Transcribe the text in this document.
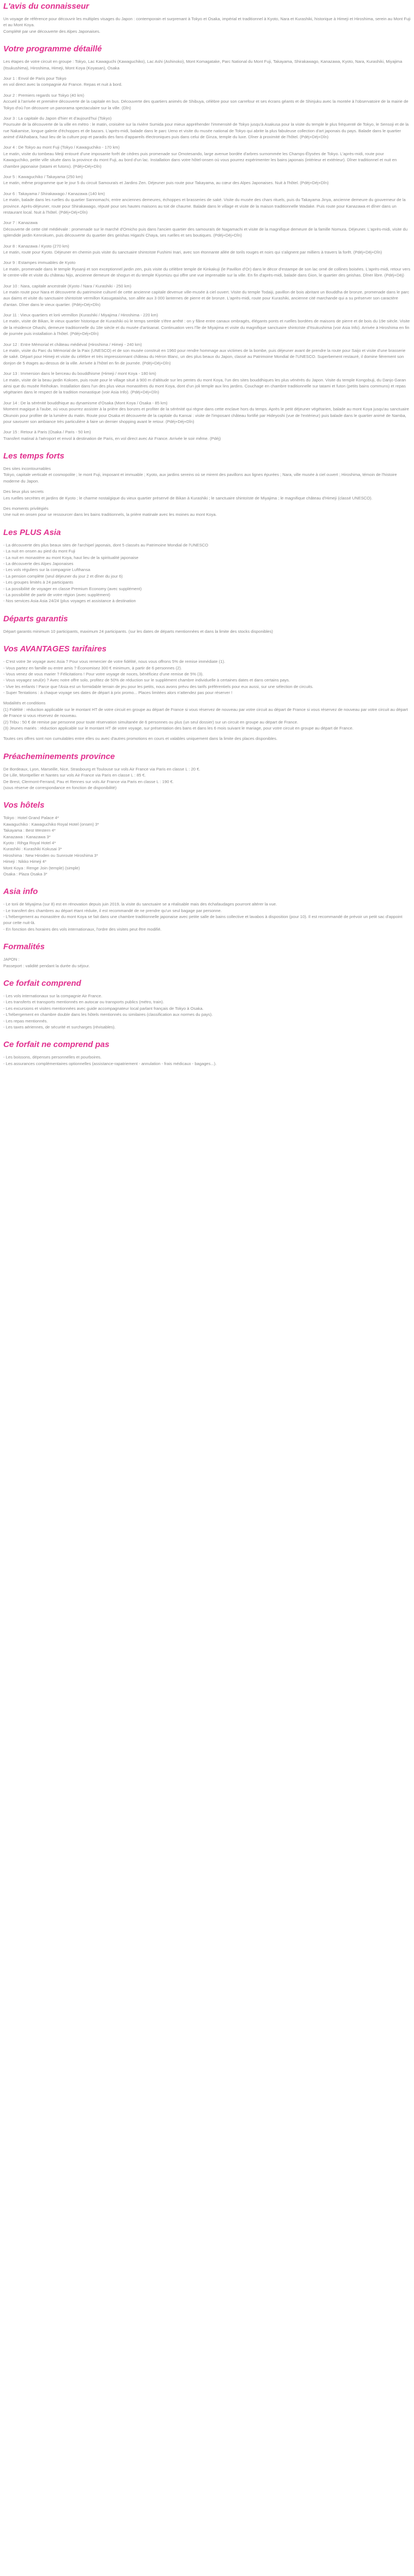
L'avis du connaisseur

Un voyage de référence pour découvrir les multiples visages du Japon : contemporain et surprenant à Tokyo et Osaka, impérial et traditionnel à Kyoto, Nara et Kurashiki, historique à Himeji et Hiroshima, serein au Mont Fuji et au Mont Koya.
Complété par une découverte des Alpes Japonaises.

Votre programme détaillé

Les étapes de votre circuit en groupe : Tokyo, Lac Kawaguchi (Kawaguchiko), Lac Ashi (Ashinoko), Mont Komagatake, Parc National du Mont Fuji, Takayama, Shirakawago, Kanazawa, Kyoto, Nara, Kurashiki, Miyajima (Itsukushima), Hiroshima, Himeji, Mont Koya (Koyasan), Osaka

Jour 1 : Envol de Paris pour Tokyo
en vol direct avec la compagnie Air France. Repas et nuit à bord.

Jour 2 : Premiers regards sur Tokyo (40 km)
Accueil à l'arrivée et première découverte de la capitale en bus. Découverte des quartiers animés de Shibuya, célèbre pour son carrefour et ses écrans géants et de Shinjuku avec la montée à l'observatoire de la mairie de Tokyo d'où l'on découvre un panorama spectaculaire sur la ville. (Dîn)

Jour 3 : La capitale du Japon d'hier et d'aujourd'hui (Tokyo)
Poursuite de la découverte de la ville en métro : le matin, croisière sur la rivière Sumida pour mieux appréhender l'immensité de Tokyo jusqu'à Asakusa pour la visite du temple le plus fréquenté de Tokyo, le Sensoji et de la rue Nakamise, longue galerie d'échoppes et de bazars. L'après-midi, balade dans le parc Ueno et visite du musée national de Tokyo qui abrite la plus fabuleuse collection d'art japonais du pays. Balade dans le quartier animé d'Akihabara, haut lieu de la culture pop et paradis des fans d'appareils électroniques puis dans celui de Ginza, temple du luxe. Dîner à proximité de l'hôtel. (Pdéj+Déj+Dîn)

Jour 4 : De Tokyo au mont Fuji (Tokyo / Kawaguchiko - 170 km)
Le matin, visite du tombeau Meiji entouré d'une imposante forêt de cèdres puis promenade sur Omotesando, large avenue bordée d'arbres surnommée les Champs-Élysées de Tokyo. L'après-midi, route pour Kawaguchiko, petite ville située dans la province du mont Fuji, au bord d'un lac. Installation dans votre hôtel-onsen où vous pourrez expérimenter les bains japonais (intérieur et extérieur). Dîner traditionnel et nuit en chambre japonaise (tatami et futons). (Pdéj+Déj+Dîn)

Jour 5 : Kawaguchiko / Takayama (250 km)
Le matin, même programme que le jour 5 du circuit Samouraïs et Jardins Zen. Déjeuner puis route pour Takayama, au cœur des Alpes Japonaises. Nuit à l'hôtel. (Pdéj+Déj+Dîn)

Jour 6 : Takayama / Shirakawago / Kanazawa (140 km)
Le matin, balade dans les ruelles du quartier Sannomachi, entre anciennes demeures, échoppes et brasseries de saké. Visite du musée des chars rituels, puis du Takayama Jinya, ancienne demeure du gouverneur de la province. Après-déjeuner, route pour Shirakawago, réputé pour ses hautes maisons au toit de chaume. Balade dans le village et visite de la maison traditionnelle Wadake. Puis route pour Kanazawa et dîner dans un restaurant local. Nuit à l'hôtel. (Pdéj+Déj+Dîn)

Jour 7 : Kanazawa
Découverte de cette cité médiévale : promenade sur le marché d'Omicho puis dans l'ancien quartier des samouraïs de Nagamachi et visite de la magnifique demeure de la famille Nomura. Déjeuner. L'après-midi, visite du splendide jardin Kenrokuen, puis découverte du quartier des geishas Higashi Chaya, ses ruelles et ses boutiques. (Pdéj+Déj+Dîn)

Jour 8 : Kanazawa / Kyoto (270 km)
Le matin, route pour Kyoto. Déjeuner en chemin puis visite du sanctuaire shintoïste Fushimi Inari, avec son étonnante allée de torils rouges et noirs qui s'alignent par milliers à travers la forêt. (Pdéj+Déj+Dîn)

Jour 9 : Estampes immuables de Kyoto
Le matin, promenade dans le temple Ryoanji et son exceptionnel jardin zen, puis visite du célèbre temple de Kinkakuji (le Pavillon d'Or) dans le décor d'estampe de son lac orné de collines boisées. L'après-midi, retour vers le centre-ville et visite du château Nijo, ancienne demeure de shogun et du temple Kiyomizu qui offre une vue imprenable sur la ville. En fin d'après-midi, balade dans Gion, le quartier des geishas. Dîner libre. (Pdéj+Déj)

Jour 10 : Nara, capitale ancestrale (Kyoto / Nara / Kurashiki - 250 km)
Le matin route pour Nara et découverte du patrimoine culturel de cette ancienne capitale devenue ville-musée à ciel ouvert. Visite du temple Todaiji, pavillon de bois abritant un Bouddha de bronze, promenade dans le parc aux daims et visite du sanctuaire shintoïste vermillon Kasugataisha, son allée aux 3 000 lanternes de pierre et de bronze. L'après-midi, route pour Kurashiki, ancienne cité marchande qui a su préserver son caractère d'antan. Dîner dans le vieux quartier. (Pdéj+Déj+Dîn)

Jour 11 : Vieux quartiers et lorii vermillon (Kurashiki / Miyajima / Hiroshima - 220 km)
Le matin, visite de Bikan, le vieux quartier historique de Kurashiki où le temps semble s'être arrêté : on y flâne entre canaux ombragés, élégants ponts et ruelles bordées de maisons de pierre et de bois du 19e siècle. Visite de la résidence Ohashi, demeure traditionnelle du 18e siècle et du musée d'artisanat. Continuation vers l'île de Miyajima et visite du magnifique sanctuaire shintoïste d'Itsukushima (voir Asia Info). Arrivée à Hiroshima en fin de journée puis installation à l'hôtel. (Pdéj+Déj+Dîn)

Jour 12 : Entre Mémorial et château médiéval (Hiroshima / Himeji - 240 km)
Le matin, visite du Parc du Mémorial de la Paix (UNESCO) et de son musée construit en 1960 pour rendre hommage aux victimes de la bombe, puis déjeuner avant de prendre la route pour Saijo et visite d'une brasserie de saké. Départ pour Himeji et visite du célèbre et très impressionnant château du Héron Blanc, un des plus beaux du Japon, classé au Patrimoine Mondial de l'UNESCO. Superbement restauré, il domine fièrement son donjon de 5 étages au-dessus de la ville. Arrivée à l'hôtel en fin de journée. (Pdéj+Déj+Dîn)

Jour 13 : Immersion dans le berceau du bouddhisme (Himeji / mont Koya - 180 km)
Le matin, visite de la beau jardin Kokoen, puis route pour le village situé à 900 m d'altitude sur les pentes du mont Koya, l'un des sites bouddhiques les plus vénérés du Japon. Visite du temple Kongobuji, du Danjo Garan ainsi que du musée Reihokan. Installation dans l'un des plus vieux monastères du mont Koya, dont d'un joli temple aux lins jardins. Couchage en chambre traditionnelle sur tatami et futon (petits bains communs) et repas végétarien dans le respect de la tradition monastique (voir Asia Info). (Pdéj+Déj+Dîn)

Jour 14 : De la sérénité bouddhique au dynamisme d'Osaka (Mont Koya / Osaka - 85 km)
Moment magique à l'aube, où vous pourrez assister à la prière des bonzes et profiter de la sérénité qui règne dans cette enclave hors du temps. Après le petit déjeuner végétarien, balade au mont Koya jusqu'au sanctuaire Okunoin pour profiter de la lumière du matin. Route pour Osaka et découverte de la capitale du Kansai : visite de l'imposant château fortifié par Hideyoshi (vue de l'extérieur) puis balade dans le quartier animé de Namba, pour savourer son ambiance très particulière à faire un dernier shopping avant le retour. (Pdéj+Déj+Dîn)

Jour 15 : Retour à Paris (Osaka / Paris - 50 km)
Transfert matinal à l'aéroport et envol à destination de Paris, en vol direct avec Air France. Arrivée le soir même. (Pdéj)

Les temps forts

Des sites incontournables
Tokyo, capitale verticale et cosmopolite ; le mont Fuji, imposant et immuable ; Kyoto, aux jardins sereins où se mirent des pavillons aux lignes épurées ; Nara, ville musée à ciel ouvert ; Hiroshima, témoin de l'histoire moderne du Japon.

Des lieux plus secrets
Les ruelles secrètes et jardins de Kyoto ; le charme nostalgique du vieux quartier préservé de Bikan à Kurashiki ; le sanctuaire shintoïste de Miyajima ; le magnifique château d'Himeji (classé UNESCO).

Des moments privilégiés
Une nuit en onsen pour se ressourcer dans les bains traditionnels, la prière matinale avec les moines au mont Koya.

Les PLUS Asia

- La découverte des plus beaux sites de l'archipel japonais, dont 5 classés au Patrimoine Mondial de l'UNESCO
- La nuit en onsen au pied du mont Fuji
- La nuit en monastère au mont Koya, haut lieu de la spiritualité japonaise
- La découverte des Alpes Japonaises
- Les vols réguliers sur la compagnie Lufthansa
- La pension complète (seul déjeuner du jour 2 et dîner du jour 6)
- Les groupes limités à 24 participants
- La possibilité de voyager en classe Premium Economy (avec supplément)
- La possibilité de partir de votre région (avec supplément)
- Nos services Asia Asia 24/24 (plus voyages et assistance à destination

Départs garantis

Départ garantis minimum 10 participants, maximum 24 participants. (sur les dates de départs mentionnées et dans la limite des stocks disponibles)

Vos AVANTAGES tarifaires

- C'est votre 3e voyage avec Asia ? Pour vous remercier de votre fidélité, nous vous offrons 5% de remise immédiate (1).
- Vous partez en famille ou entre amis ? Économisez 300 € minimum, à partir de 6 personnes (2).
- Vous venez de vous marier ? Félicitations ! Pour votre voyage de noces, bénéficiez d'une remise de 5% (3).
- Vous voyagez seul(e) ? Avec notre offre solo, profitez de 50% de réduction sur le supplément chambre individuelle à certaines dates et dans certains pays.
- Vive les enfants ! Parce que l'Asia est un formidable terrain de jeu pour les petits, nous avons prévu des tarifs préférentiels pour eux aussi, sur une sélection de circuits.
- Super Tentations : à chaque voyage ses dates de départ à prix promo... Places limitées alors n'attendez pas pour réserver !

Modalités et conditions
(1) Fidélité : réduction applicable sur le montant HT de votre circuit en groupe au départ de France si vous réservez de nouveau par votre circuit au départ de France si vous réservez de nouveau par votre circuit au départ de France si vous réservez de nouveau.
(2) Tribu : 50 € de remise par personne pour toute réservation simultanée de 6 personnes ou plus (un seul dossier) sur un circuit en groupe au départ de France.
(3) Jeunes mariés : réduction applicable sur le montant HT de votre voyage, sur présentation des bans et dans les 6 mois suivant le mariage, pour votre circuit en groupe au départ de France.

Toutes ces offres sont non cumulables entre elles ou avec d'autres promotions en cours et valables uniquement dans la limite des places disponibles.

Préacheminements province

De Bordeaux, Lyon, Marseille, Nice, Strasbourg et Toulouse sur vols Air France via Paris en classe L : 20 €.
De Lille, Montpellier et Nantes sur vols Air France via Paris en classe L : 85 €.
De Brest, Clermont-Ferrand, Pau et Rennes sur vols Air France via Paris en classe L : 190 €.
(sous réserve de correspondance en fonction de disponibilité)

Vos hôtels

Tokyo : Hotel Grand Palace 4*
Kawaguchiko : Kawaguchiko Royal Hotel (onsen) 3*
Takayama : Best Western 4*
Kanazawa : Kanazawa 3*
Kyoto : Rihga Royal Hotel 4*
Kurashiki : Kurashiki Kokusai 3*
Hiroshima : New Hiroden ou Sunroute Hiroshima 3*
Himeji : Nikko Himeji 4*
Mont Koya : Renge Join (temple) (simple)
Osaka : Plaza Osaka 3*

Asia info

- Le torii de Miyajima (sur 8) est en rénovation depuis juin 2019, la visite du sanctuaire se a réalisable mais des échafaudages pourront altérer la vue.
- Le transfert des chambres au départ étant réduite, il est recommandé de ne prendre qu'un seul bagage par personne.
- L'hébergement au monastère du mont Koya se fait dans une chambre traditionnelle japonaise avec petite salle de bains collective et lavabos à disposition (pour 10). Il est recommandé de prévoir un petit sac d'appoint pour cette nuit-là.
- En fonction des horaires des vols internationaux, l'ordre des visites peut être modifié.

Formalités

JAPON :
Passeport : validité pendant la durée du séjour.

Ce forfait comprend

- Les vols internationaux sur la compagnie Air France.
- Les transferts et transports mentionnés en autocar ou transports publics (métro, train).
- Les excursions et visites mentionnées avec guide accompagnateur local parlant français de Tokyo à Osaka.
- L'hébergement en chambre double dans les hôtels mentionnés ou similaires (classification aux normes du pays).
- Les repas mentionnés.
- Les taxes aériennes, de sécurité et surcharges (révisables).

Ce forfait ne comprend pas

- Les boissons, dépenses personnelles et pourboires.
- Les assurances complémentaires optionnelles (assistance-rapatriement - annulation - frais médicaux - bagages...).
